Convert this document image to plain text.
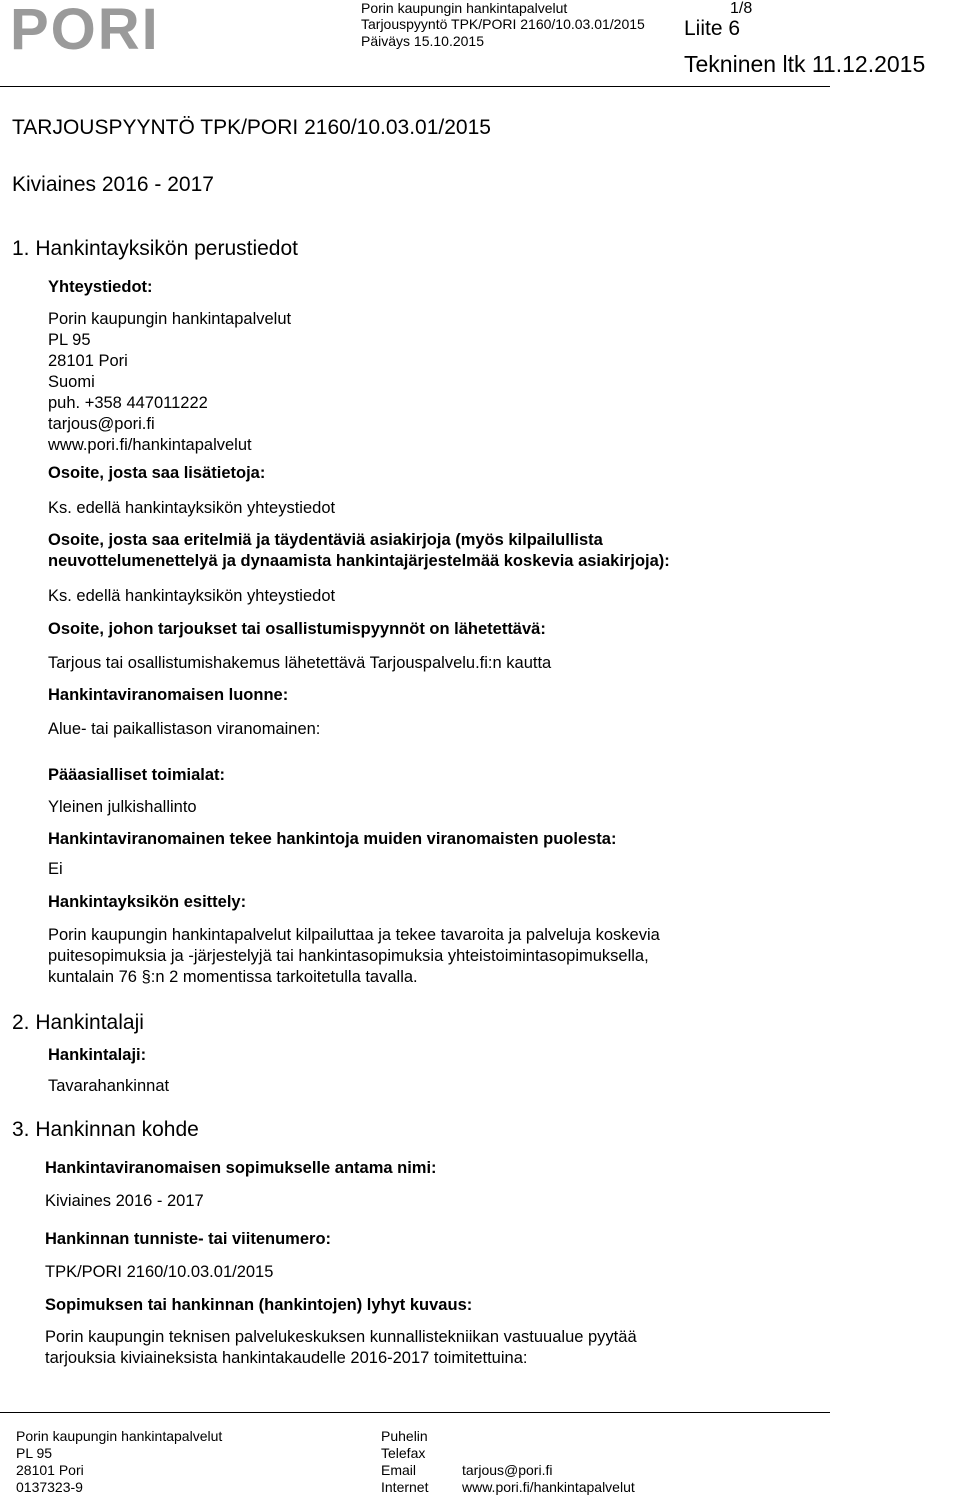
PORI	Porin kaupungin hankintapalvelut
Tarjouspyyntö TPK/PORI 2160/10.03.01/2015
Päiväys 15.10.2015
1/8
Liite 6
Tekninen ltk 11.12.2015
TARJOUSPYYNTÖ TPK/PORI 2160/10.03.01/2015
Kiviaines 2016 - 2017
1. Hankintayksikön perustiedot
Yhteystiedot:
Porin kaupungin hankintapalvelut
PL 95
28101 Pori
Suomi
puh. +358 447011222
tarjous@pori.fi
www.pori.fi/hankintapalvelut
Osoite, josta saa lisätietoja:
Ks. edellä hankintayksikön yhteystiedot
Osoite, josta saa eritelmiä ja täydentäviä asiakirjoja (myös kilpailullista
neuvottelumenettelyä ja dynaamista hankintajärjestelmää koskevia asiakirjoja):
Ks. edellä hankintayksikön yhteystiedot
Osoite, johon tarjoukset tai osallistumispyynnöt on lähetettävä:
Tarjous tai osallistumishakemus lähetettävä Tarjouspalvelu.fi:n kautta
Hankintaviranomaisen luonne:
Alue- tai paikallistason viranomainen:
Pääasialliset toimialat:
Yleinen julkishallinto
Hankintaviranomainen tekee hankintoja muiden viranomaisten puolesta:
Ei
Hankintayksikön esittely:
Porin kaupungin hankintapalvelut kilpailuttaa ja tekee tavaroita ja palveluja koskevia
puitesopimuksia ja -järjestelyjä tai hankintasopimuksia yhteistoimintasopimuksella,
kuntalain 76 §:n 2 momentissa tarkoitetulla tavalla.
2. Hankintalaji
Hankintalaji:
Tavarahankinnat
3. Hankinnan kohde
Hankintaviranomaisen sopimukselle antama nimi:
Kiviaines 2016 - 2017
Hankinnan tunniste- tai viitenumero:
TPK/PORI 2160/10.03.01/2015
Sopimuksen tai hankinnan (hankintojen) lyhyt kuvaus:
Porin kaupungin teknisen palvelukeskuksen kunnallistekniikan vastuualue pyytää
tarjouksia kiviaineksista hankintakaudelle 2016-2017 toimitettuina:
Porin kaupungin hankintapalvelut
PL 95
28101 Pori
0137323-9
Puhelin
Telefax
Email
Internet
tarjous@pori.fi
www.pori.fi/hankintapalvelut
